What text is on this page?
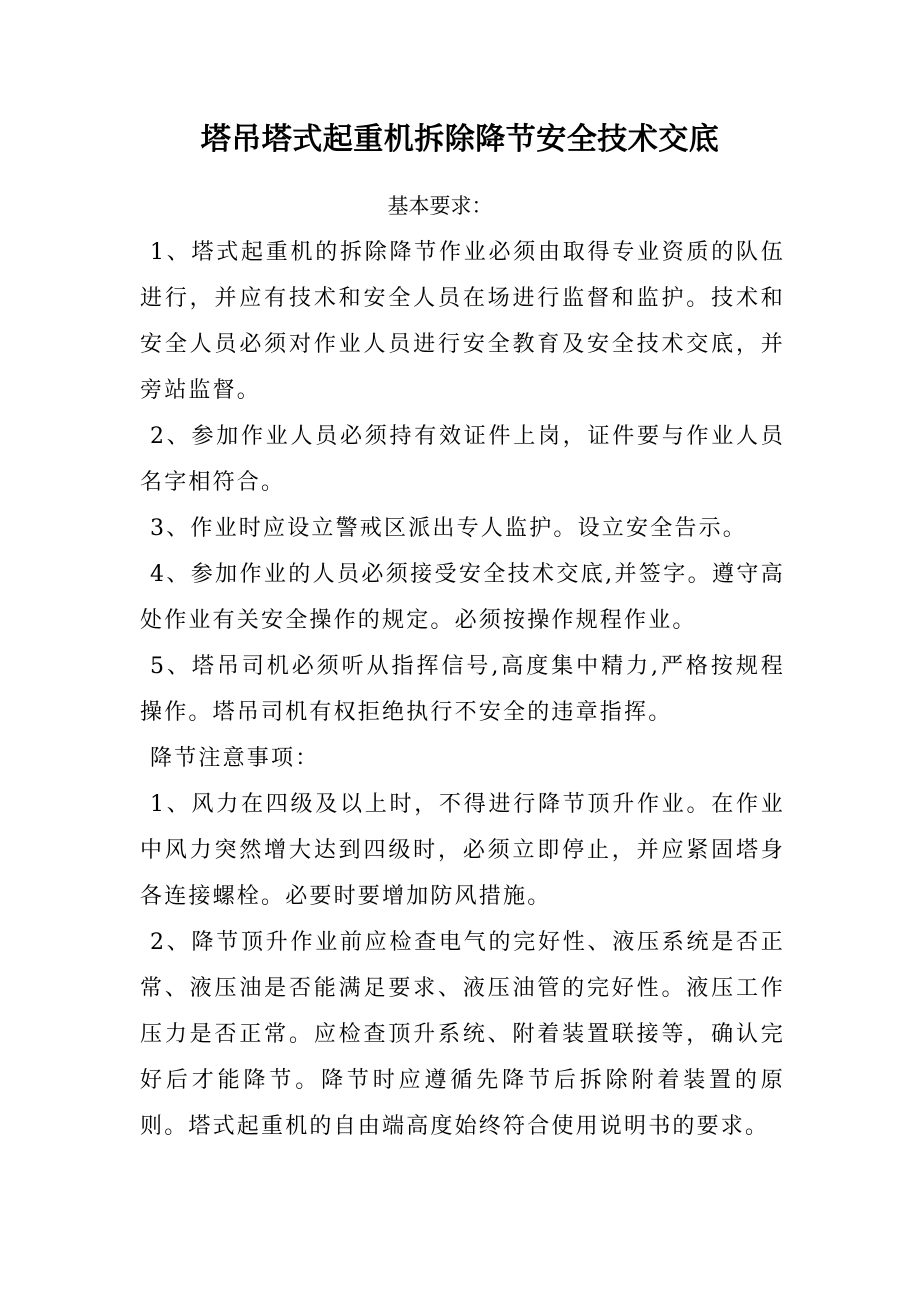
塔吊塔式起重机拆除降节安全技术交底

基本要求：

1、塔式起重机的拆除降节作业必须由取得专业资质的队伍进行，并应有技术和安全人员在场进行监督和监护。技术和安全人员必须对作业人员进行安全教育及安全技术交底，并旁站监督。

2、参加作业人员必须持有效证件上岗，证件要与作业人员名字相符合。

3、作业时应设立警戒区派出专人监护。设立安全告示。

4、参加作业的人员必须接受安全技术交底,并签字。遵守高处作业有关安全操作的规定。必须按操作规程作业。

5、塔吊司机必须听从指挥信号,高度集中精力,严格按规程操作。塔吊司机有权拒绝执行不安全的违章指挥。

降节注意事项：

1、风力在四级及以上时，不得进行降节顶升作业。在作业中风力突然增大达到四级时，必须立即停止，并应紧固塔身各连接螺栓。必要时要增加防风措施。

2、降节顶升作业前应检查电气的完好性、液压系统是否正常、液压油是否能满足要求、液压油管的完好性。液压工作压力是否正常。应检查顶升系统、附着装置联接等，确认完好后才能降节。降节时应遵循先降节后拆除附着装置的原则。塔式起重机的自由端高度始终符合使用说明书的要求。
